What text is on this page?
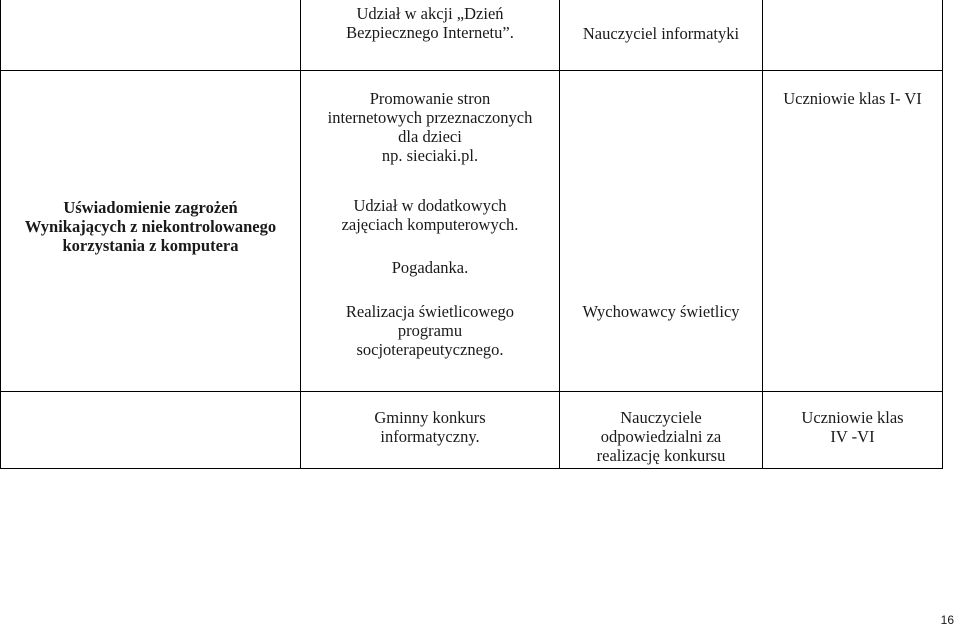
Udział w akcji „Dzień
Bezpiecznego Internetu”.	Nauczyciel informatyki
Uświadomienie zagrożeń
Wynikających z niekontrolowanego
korzystania z komputera
Promowanie stron
internetowych przeznaczonych
dla dzieci
np. sieciaki.pl.
Udział w dodatkowych
zajęciach komputerowych.
Pogadanka.
Realizacja świetlicowego
programu
socjoterapeutycznego.
Wychowawcy świetlicy
Uczniowie klas I- VI
Gminny konkurs
informatyczny.
Nauczyciele
odpowiedzialni za
realizację konkursu
Uczniowie klas
IV -VI
16
